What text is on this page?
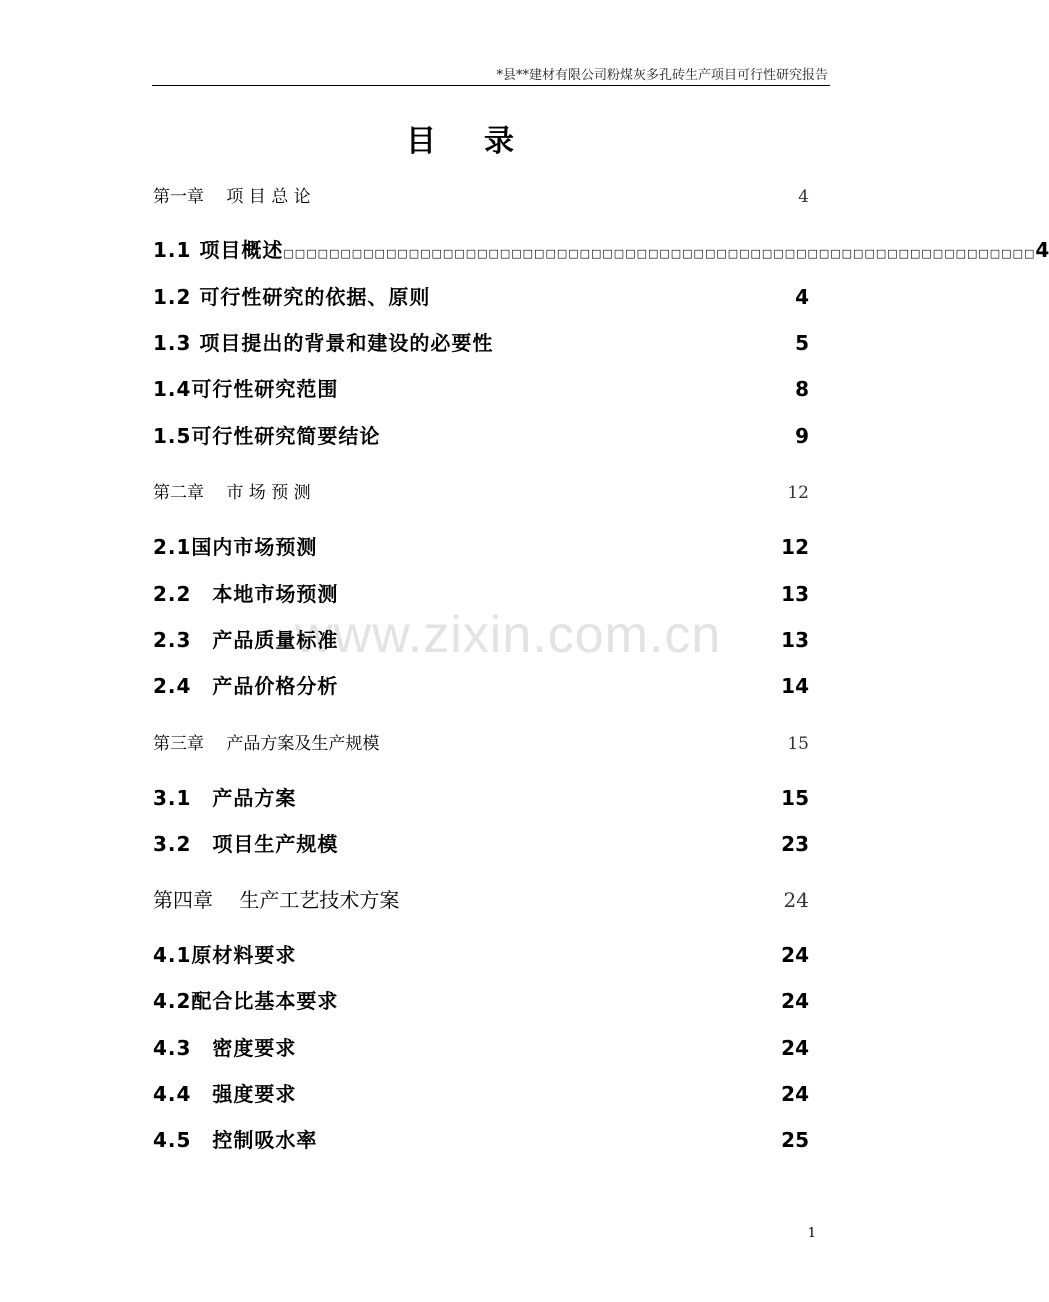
*县**建材有限公司粉煤灰多孔砖生产项目可行性研究报告
目录
www.zixin.com.cn
第一章　 项 目 总 论	4
1.1 项目概述 □□□□□□□□□□□□□□□□□□□□□□□□□□□□□□□□□□□□□□□□□□□□□□□□□□□□□□□□□□□□□□□□□□ 4
1.2 可行性研究的依据、原则	4
1.3 项目提出的背景和建设的必要性	5
1.4可行性研究范围	8
1.5可行性研究简要结论	9
第二章　 市 场 预 测	12
2.1国内市场预测	12
2.2　本地市场预测	13
2.3　产品质量标准	13
2.4　产品价格分析	14
第三章　 产品方案及生产规模	15
3.1　产品方案	15
3.2　项目生产规模	23
第四章　 生产工艺技术方案	24
4.1原材料要求	24
4.2配合比基本要求	24
4.3　密度要求	24
4.4　强度要求	24
4.5　控制吸水率	25
1
